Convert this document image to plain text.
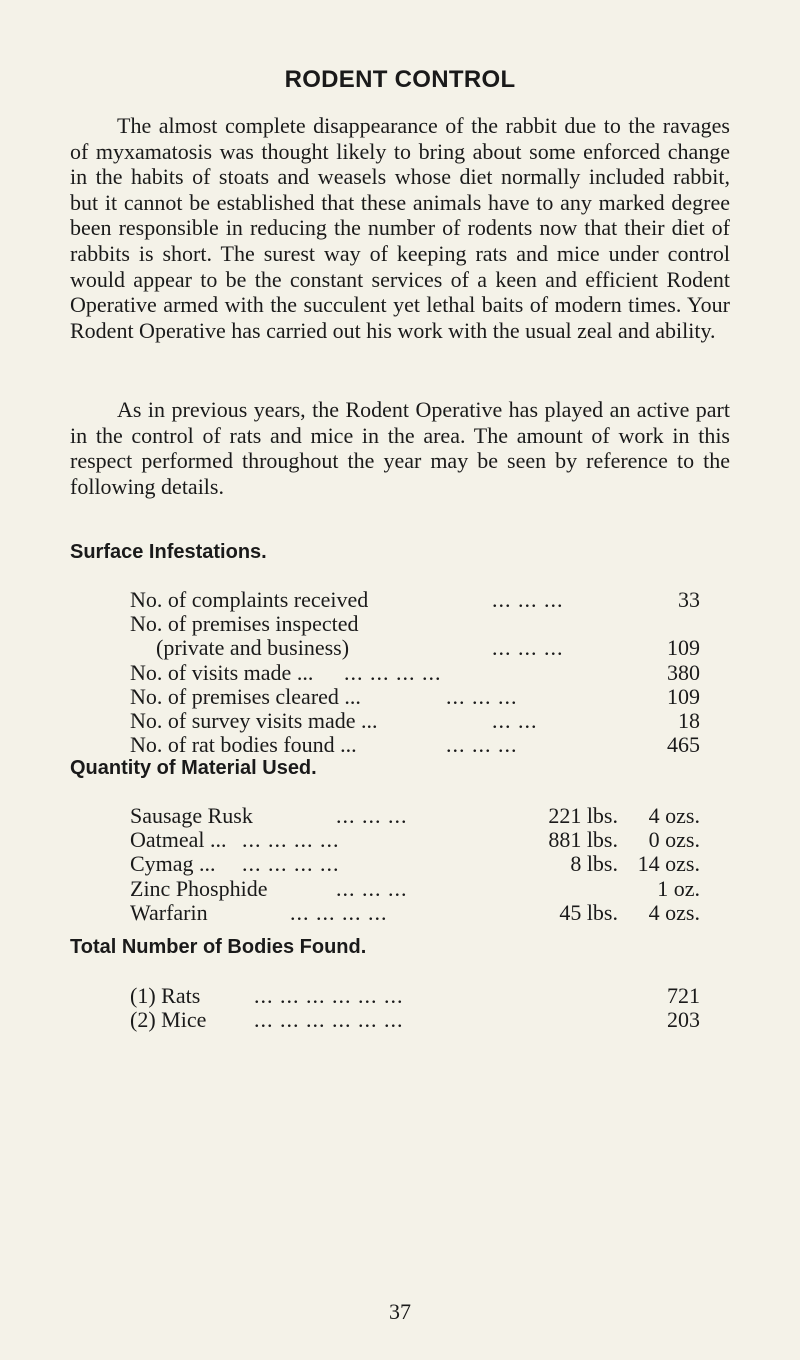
RODENT CONTROL

The almost complete disappearance of the rabbit due to the ravages of myxamatosis was thought likely to bring about some enforced change in the habits of stoats and weasels whose diet normally included rabbit, but it cannot be established that these animals have to any marked degree been responsible in reducing the number of rodents now that their diet of rabbits is short. The surest way of keeping rats and mice under control would appear to be the constant services of a keen and efficient Rodent Operative armed with the succulent yet lethal baits of modern times. Your Rodent Operative has carried out his work with the usual zeal and ability.

As in previous years, the Rodent Operative has played an active part in the control of rats and mice in the area. The amount of work in this respect performed throughout the year may be seen by reference to the following details.

Surface Infestations.
No. of complaints received	... ... ...	33
No. of premises inspected
(private and business)	... ... ...	109
No. of visits made ... ... ... ... ...	380
No. of premises cleared ...	... ... ...	109
No. of survey visits made ...	... ...	18
No. of rat bodies found ...	... ... ...	465
Quantity of Material Used.
Sausage Rusk	... ... ...	221 lbs. 4 ozs.
Oatmeal ... ... ... ... ...	881 lbs. 0 ozs.
Cymag ... ... ... ... ...	8 lbs. 14 ozs.
Zinc Phosphide	... ... ...	1 oz.
Warfarin	... ... ... ...	45 lbs. 4 ozs.
Total Number of Bodies Found.
(1) Rats ... ... ... ... ... ...	721
(2) Mice ... ... ... ... ... ...	203
37
